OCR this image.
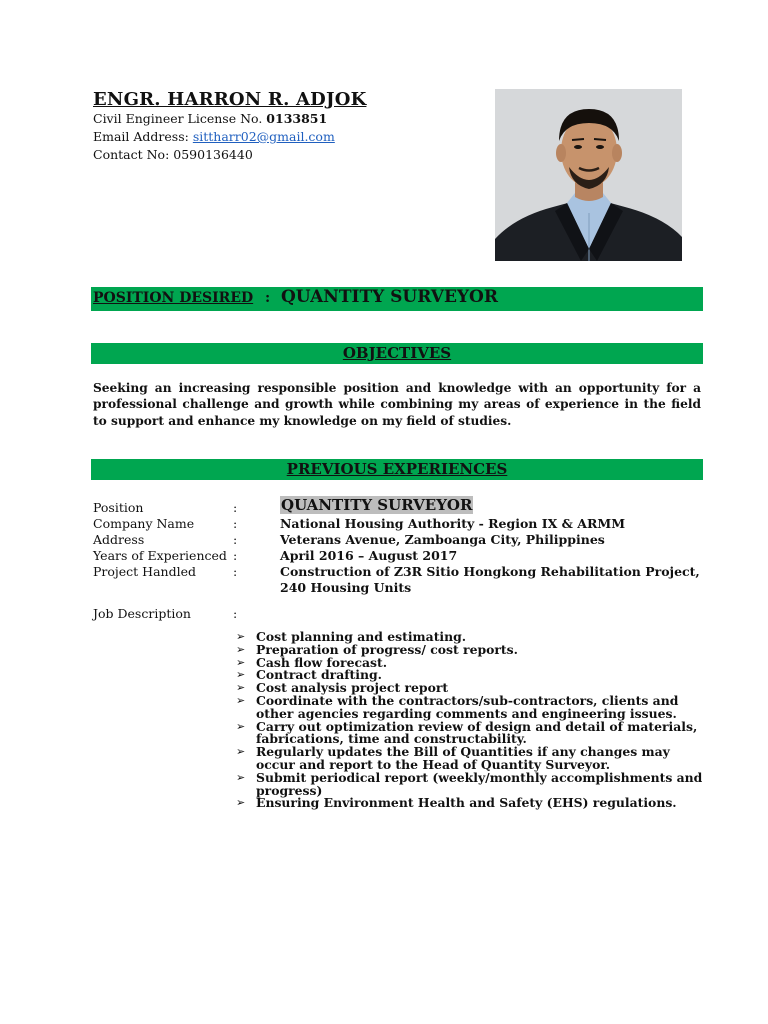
ENGR. HARRON R. ADJOK
Civil Engineer License No. 0133851
Email Address: sittharr02@gmail.com
Contact No: 0590136440
POSITION DESIRED : QUANTITY SURVEYOR
OBJECTIVES
Seeking an increasing responsible position and knowledge with an opportunity for a professional challenge and growth while combining my areas of experience in the field to support and enhance my knowledge on my field of studies.
PREVIOUS EXPERIENCES
Position	:	QUANTITY SURVEYOR
Company Name	:	National Housing Authority - Region IX & ARMM
Address	:	Veterans Avenue, Zamboanga City, Philippines
Years of Experienced :	April 2016 – August 2017
Project Handled	:	Construction of Z3R Sitio Hongkong Rehabilitation Project,
240 Housing Units
Job Description	:
➢ Cost planning and estimating.
➢ Preparation of progress/ cost reports.
➢ Cash flow forecast.
➢ Contract drafting.
➢ Cost analysis project report
➢ Coordinate with the contractors/sub-contractors, clients and other agencies regarding comments and engineering issues.
➢ Carry out optimization review of design and detail of materials, fabrications, time and constructability.
➢ Regularly updates the Bill of Quantities if any changes may occur and report to the Head of Quantity Surveyor.
➢ Submit periodical report (weekly/monthly accomplishments and progress)
➢ Ensuring Environment Health and Safety (EHS) regulations.
